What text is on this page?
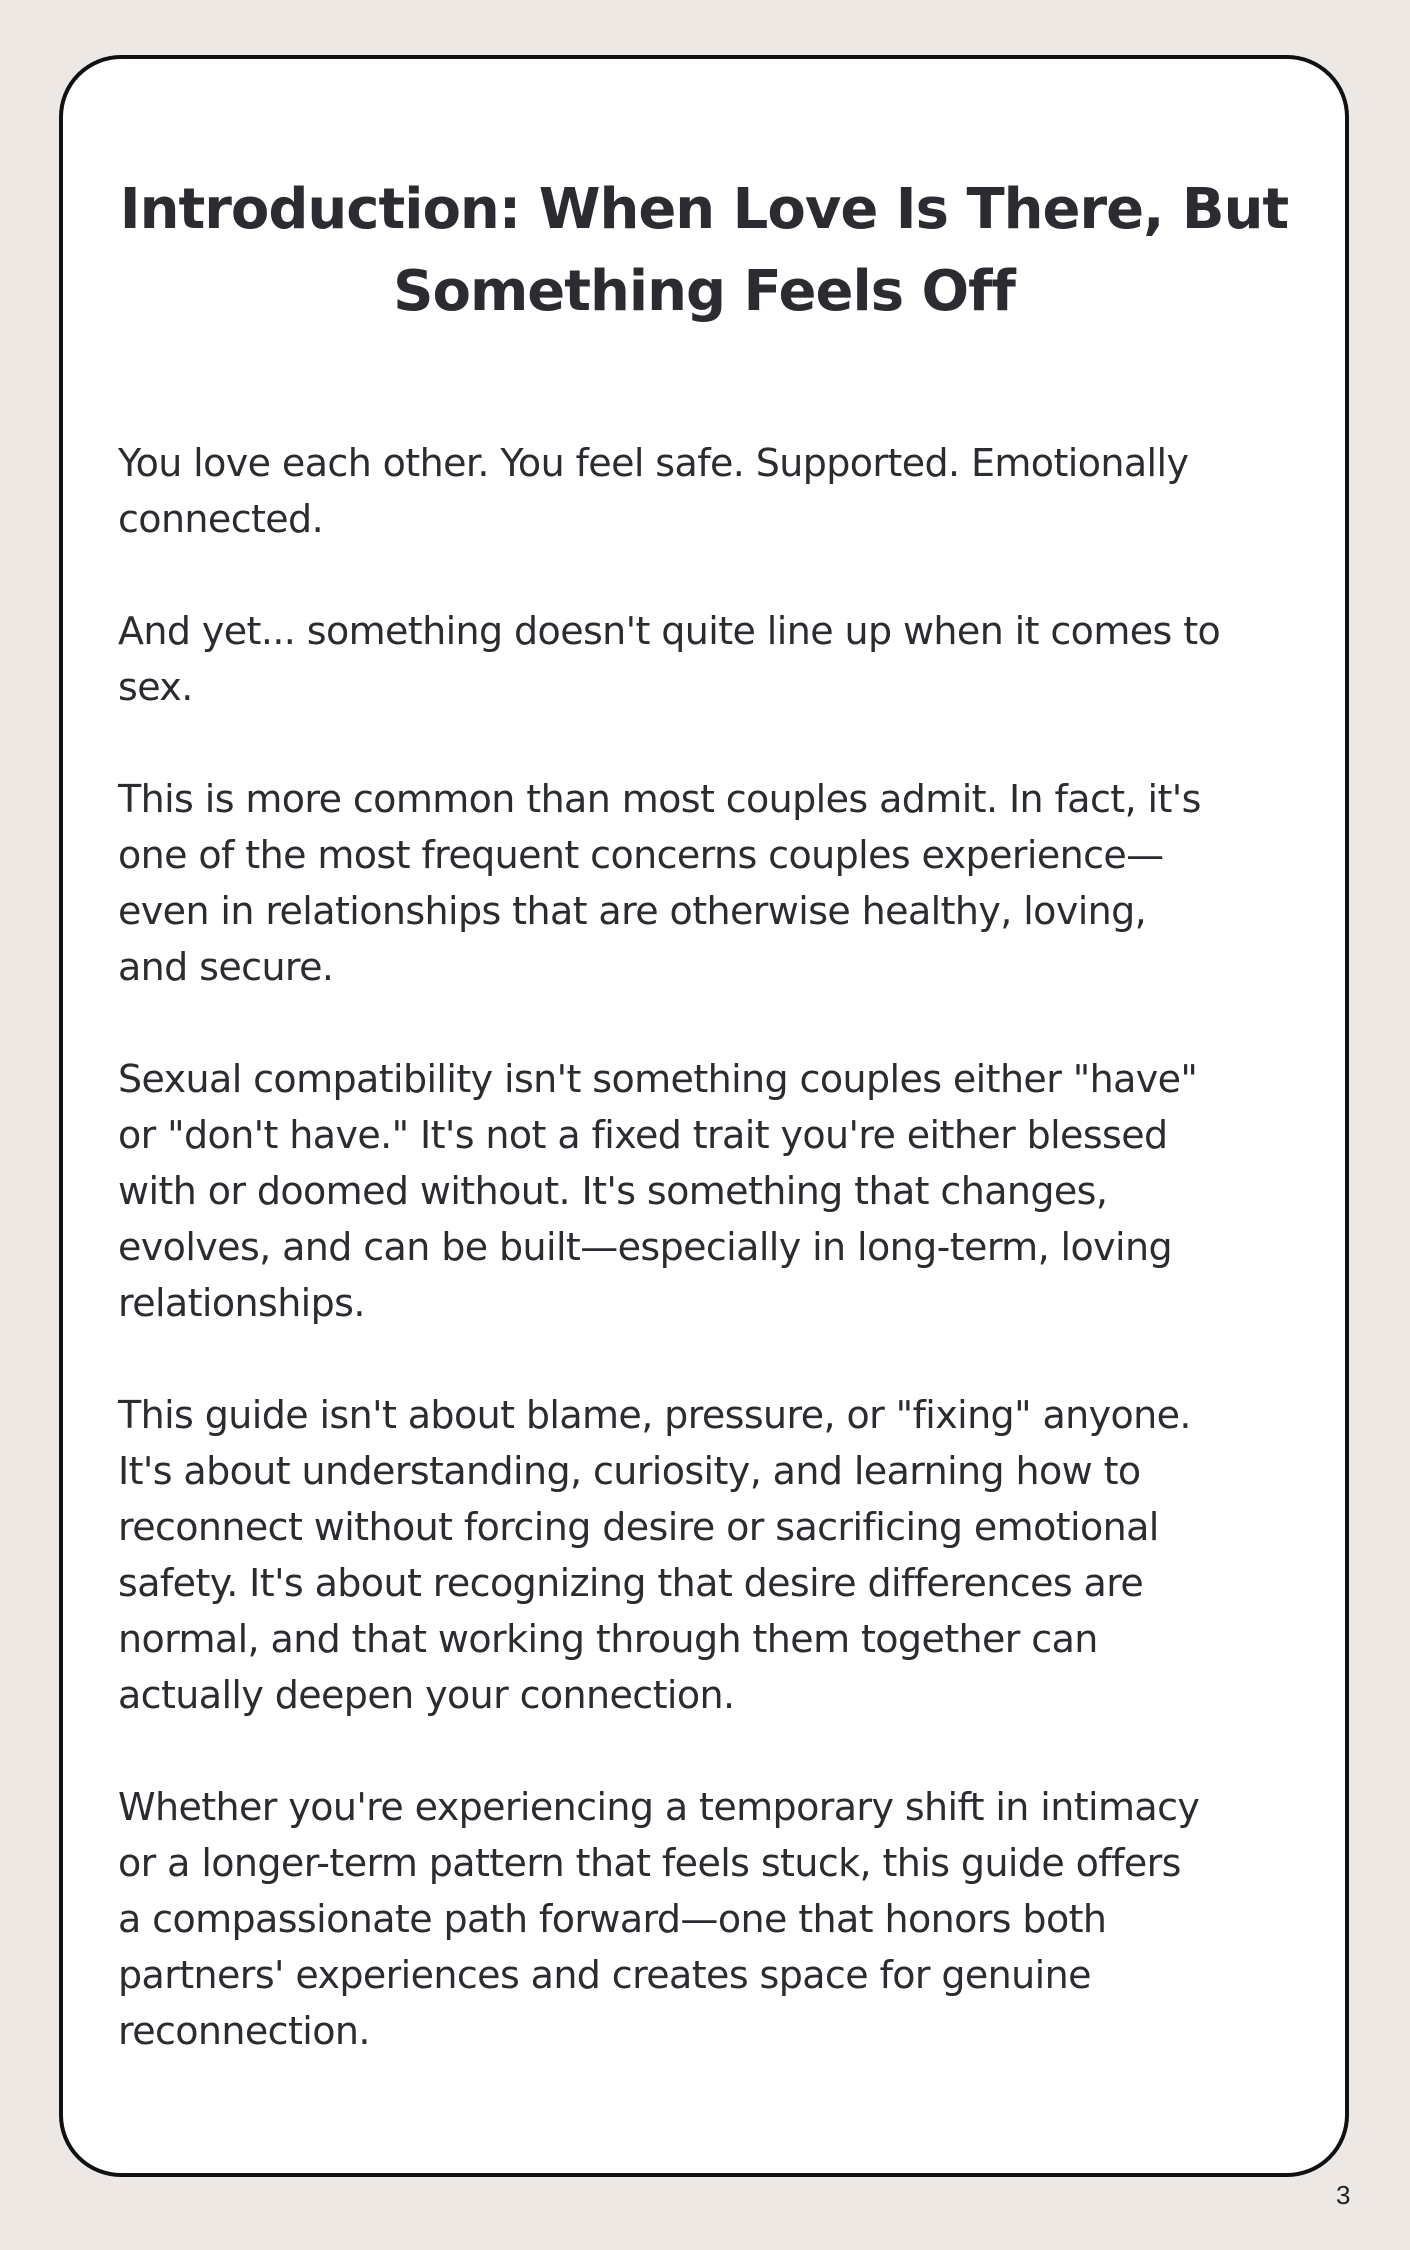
Introduction: When Love Is There, But
Something Feels Off

You love each other. You feel safe. Supported. Emotionally
connected.

And yet... something doesn't quite line up when it comes to
sex.

This is more common than most couples admit. In fact, it's
one of the most frequent concerns couples experience—
even in relationships that are otherwise healthy, loving,
and secure.

Sexual compatibility isn't something couples either "have"
or "don't have." It's not a fixed trait you're either blessed
with or doomed without. It's something that changes,
evolves, and can be built—especially in long-term, loving
relationships.

This guide isn't about blame, pressure, or "fixing" anyone.
It's about understanding, curiosity, and learning how to
reconnect without forcing desire or sacrificing emotional
safety. It's about recognizing that desire differences are
normal, and that working through them together can
actually deepen your connection.

Whether you're experiencing a temporary shift in intimacy
or a longer-term pattern that feels stuck, this guide offers
a compassionate path forward—one that honors both
partners' experiences and creates space for genuine
reconnection.

3
